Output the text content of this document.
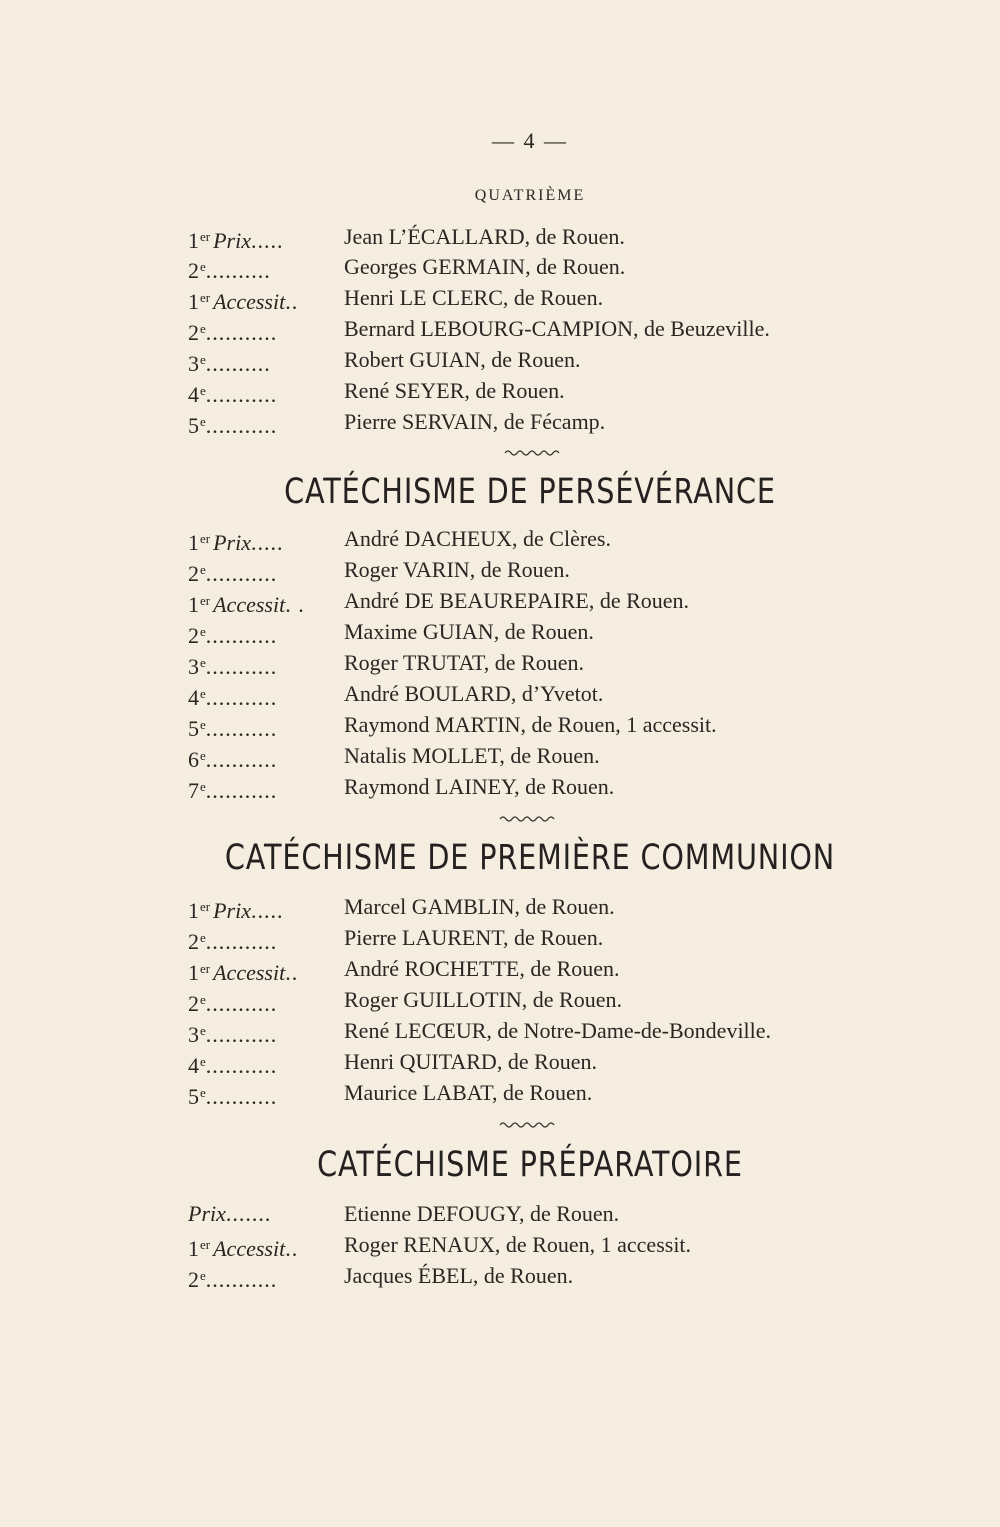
— 4 —
QUATRIÈME
CATÉCHISME DE PERSÉVÉRANCE
CATÉCHISME DE PREMIÈRE COMMUNION
CATÉCHISME PRÉPARATOIRE
1er Prix.....	Jean L’ÉCALLARD, de Rouen.
2e..........	Georges GERMAIN, de Rouen.
1er Accessit..	Henri LE CLERC, de Rouen.
2e...........	Bernard LEBOURG-CAMPION, de Beuzeville.
3e..........	Robert GUIAN, de Rouen.
4e...........	René SEYER, de Rouen.
5e...........	Pierre SERVAIN, de Fécamp.
1er Prix.....	André DACHEUX, de Clères.
2e...........	Roger VARIN, de Rouen.
1er Accessit. .	André DE BEAUREPAIRE, de Rouen.
2e...........	Maxime GUIAN, de Rouen.
3e...........	Roger TRUTAT, de Rouen.
4e...........	André BOULARD, d’Yvetot.
5e...........	Raymond MARTIN, de Rouen, 1 accessit.
6e...........	Natalis MOLLET, de Rouen.
7e...........	Raymond LAINEY, de Rouen.
1er Prix.....	Marcel GAMBLIN, de Rouen.
2e...........	Pierre LAURENT, de Rouen.
1er Accessit..	André ROCHETTE, de Rouen.
2e...........	Roger GUILLOTIN, de Rouen.
3e...........	René LECŒUR, de Notre-Dame-de-Bondeville.
4e...........	Henri QUITARD, de Rouen.
5e...........	Maurice LABAT, de Rouen.
Prix.......	Etienne DEFOUGY, de Rouen.
1er Accessit..	Roger RENAUX, de Rouen, 1 accessit.
2e...........	Jacques ÉBEL, de Rouen.
